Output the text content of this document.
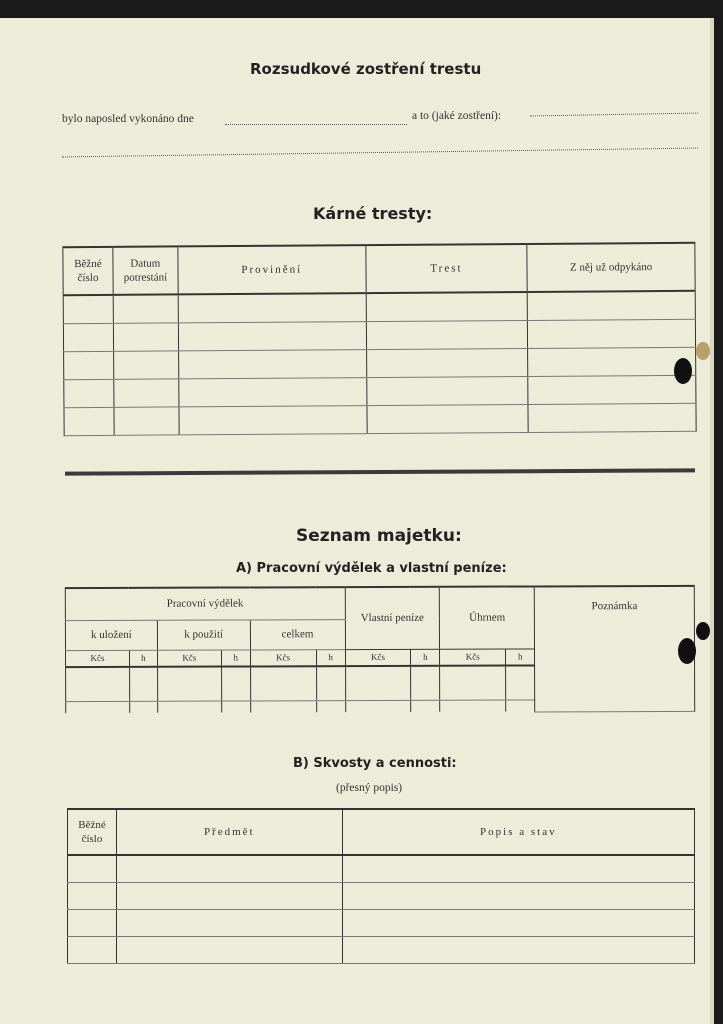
Rozsudkové zostření trestu
bylo naposled vykonáno dne	a to (jaké zostření):
Kárné tresty:
Běžné číslo	Datum potrestání	Provinění	Trest	Z něj už odpykáno

Seznam majetku:
A) Pracovní výdělek a vlastní peníze:
Pracovní výdělek						Vlastní peníze		Úhrnem		Poznámka
k uložení		k použití		celkem						
Kčs	h	Kčs	h	Kčs	h	Kčs	h	Kčs	h	

B) Skvosty a cennosti:
(přesný popis)
Běžné číslo	Předmět	Popis a stav
